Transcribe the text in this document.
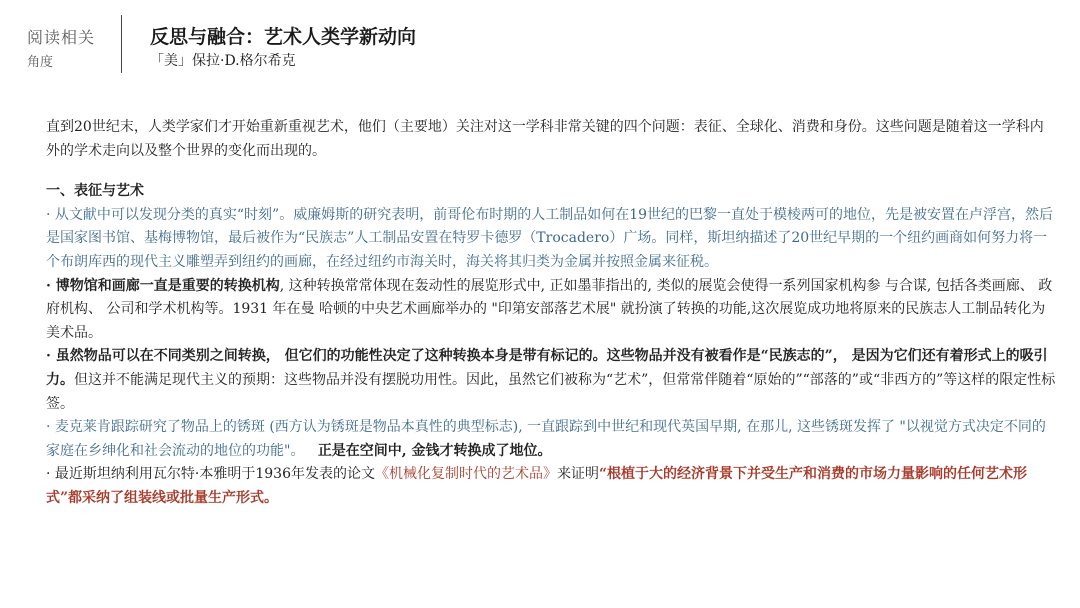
阅读相关
角度
反思与融合：艺术人类学新动向
「美」保拉·D.格尔希克

直到20世纪末，人类学家们才开始重新重视艺术，他们（主要地）关注对这一学科非常关键的四个问题：表征、全球化、消费和身份。这些问题是随着这一学科内外的学术走向以及整个世界的变化而出现的。

一、表征与艺术

· 从文献中可以发现分类的真实“时刻”。威廉姆斯的研究表明，前哥伦布时期的人工制品如何在19世纪的巴黎一直处于模棱两可的地位，先是被安置在卢浮宫，然后是国家图书馆、基梅博物馆，最后被作为“民族志”人工制品安置在特罗卡德罗（Trocadero）广场。同样，斯坦纳描述了20世纪早期的一个纽约画商如何努力将一个布朗库西的现代主义雕塑弄到纽约的画廊，在经过纽约市海关时，海关将其归类为金属并按照金属来征税。

· 博物馆和画廊一直是重要的转换机构, 这种转换常常体现在轰动性的展览形式中, 正如墨菲指出的, 类似的展览会使得一系列国家机构参 与合谋, 包括各类画廊、 政府机构、 公司和学术机构等。1931 年在曼 哈顿的中央艺术画廊举办的 "印第安部落艺术展" 就扮演了转换的功能,这次展览成功地将原来的民族志人工制品转化为美术品。

· 虽然物品可以在不同类别之间转换， 但它们的功能性决定了这种转换本身是带有标记的。这些物品并没有被看作是“民族志的”， 是因为它们还有着形式上的吸引力。但这并不能满足现代主义的预期：这些物品并没有摆脱功用性。因此，虽然它们被称为“艺术”，但常常伴随着“原始的”“部落的”或“非西方的”等这样的限定性标签。

· 麦克莱肯跟踪研究了物品上的锈斑 (西方认为锈斑是物品本真性的典型标志), 一直跟踪到中世纪和现代英国早期, 在那儿, 这些锈斑发挥了 "以视觉方式决定不同的家庭在乡绅化和社会流动的地位的功能"。 正是在空间中, 金钱才转换成了地位。

· 最近斯坦纳利用瓦尔特·本雅明于1936年发表的论文《机械化复制时代的艺术品》来证明“根植于大的经济背景下并受生产和消费的市场力量影响的任何艺术形式”都采纳了组装线或批量生产形式。
